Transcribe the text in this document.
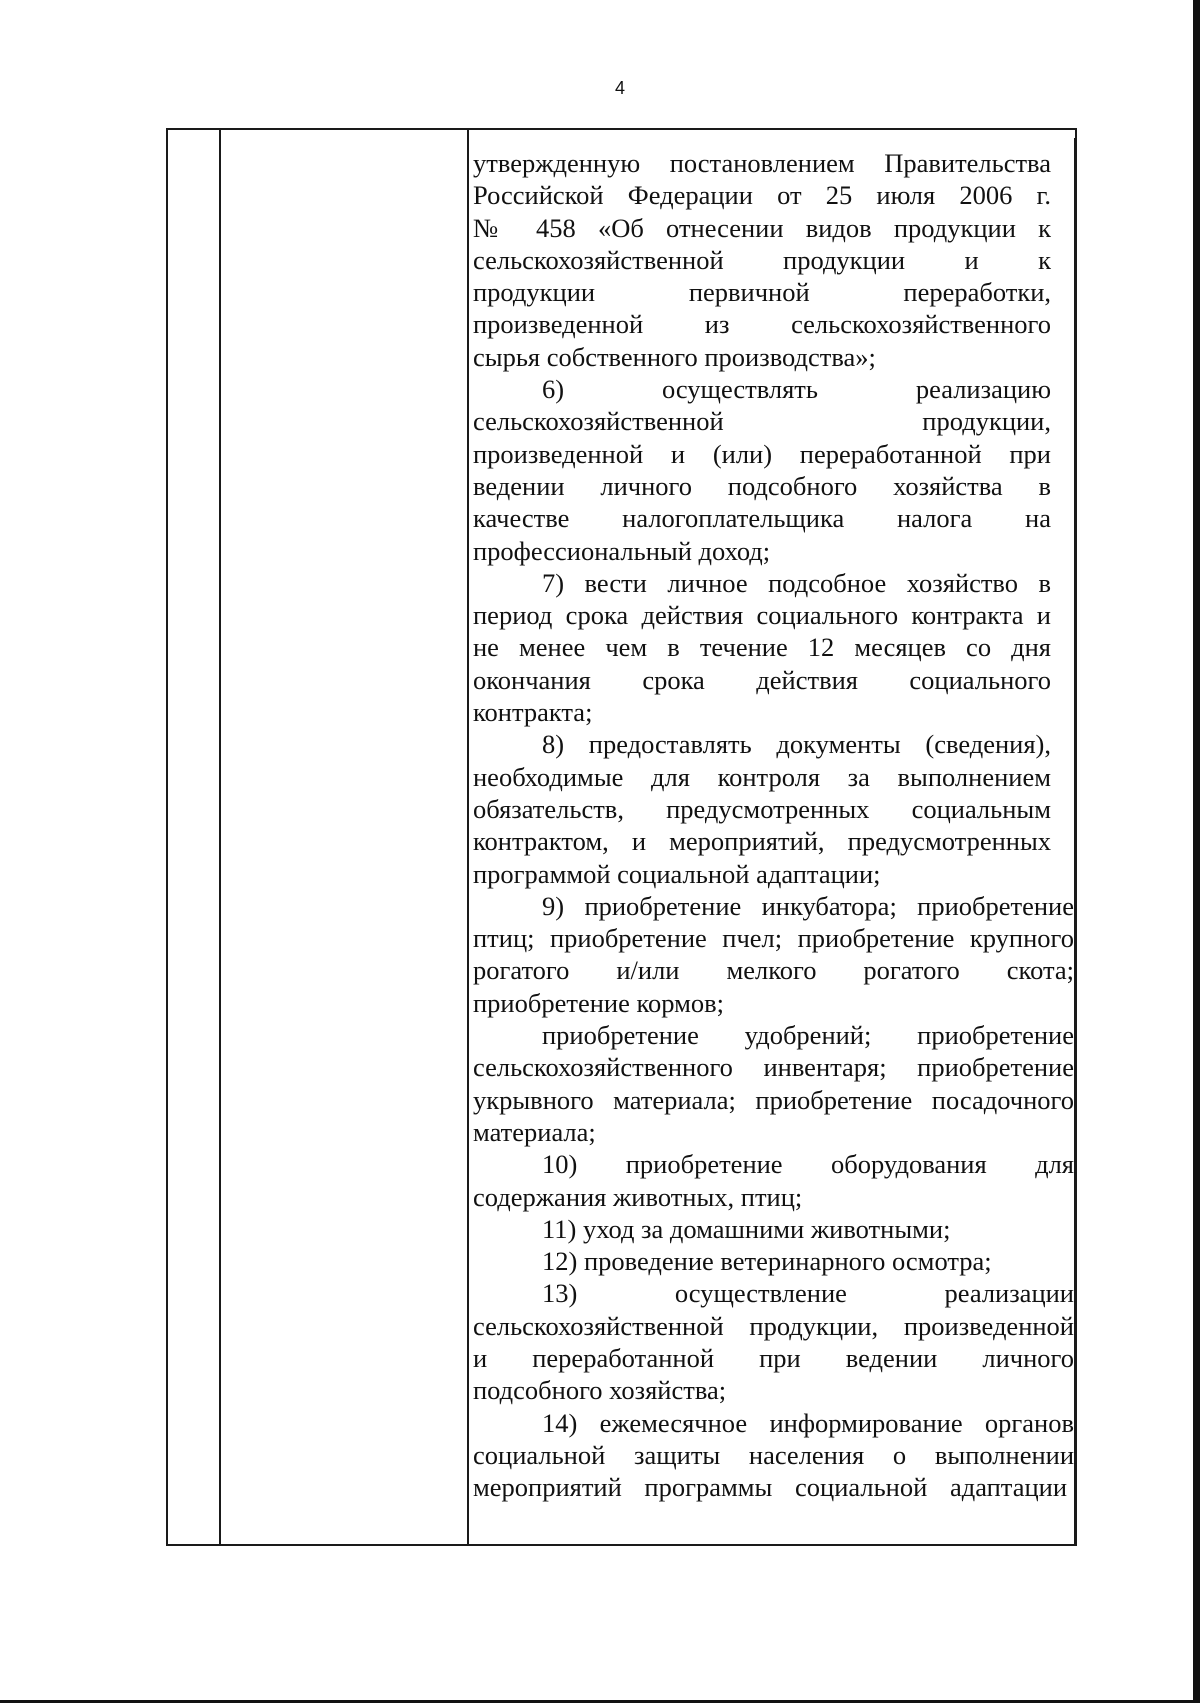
4
утвержденную постановлением Правительства
Российской Федерации от 25 июля 2006 г.
№ 458 «Об отнесении видов продукции к
сельскохозяйственной продукции и к
продукции первичной переработки,
произведенной из сельскохозяйственного
сырья собственного производства»;
6) осуществлять реализацию
сельскохозяйственной продукции,
произведенной и (или) переработанной при
ведении личного подсобного хозяйства в
качестве налогоплательщика налога на
профессиональный доход;
7) вести личное подсобное хозяйство в
период срока действия социального контракта и
не менее чем в течение 12 месяцев со дня
окончания срока действия социального
контракта;
8) предоставлять документы (сведения),
необходимые для контроля за выполнением
обязательств, предусмотренных социальным
контрактом, и мероприятий, предусмотренных
программой социальной адаптации;
9) приобретение инкубатора; приобретение
птиц; приобретение пчел; приобретение крупного
рогатого и/или мелкого рогатого скота;
приобретение кормов;
приобретение удобрений; приобретение
сельскохозяйственного инвентаря; приобретение
укрывного материала; приобретение посадочного
материала;
10) приобретение оборудования для
содержания животных, птиц;
11) уход за домашними животными;
12) проведение ветеринарного осмотра;
13) осуществление реализации
сельскохозяйственной продукции, произведенной
и переработанной при ведении личного
подсобного хозяйства;
14) ежемесячное информирование органов
социальной защиты населения о выполнении
мероприятий программы социальной адаптации
